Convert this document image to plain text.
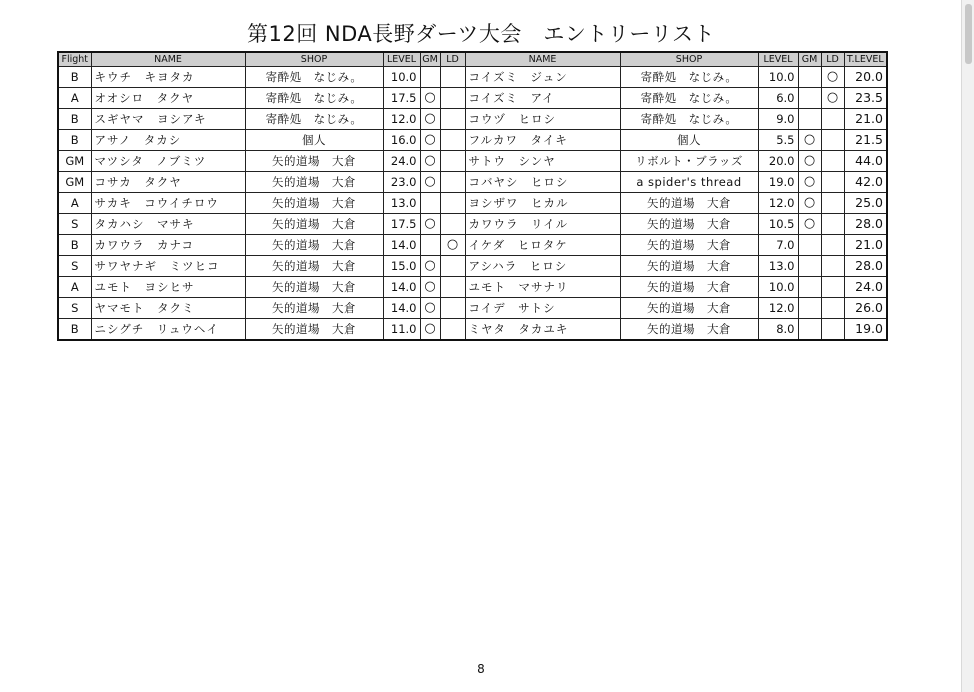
第12回 NDA長野ダーツ大会　エントリーリスト
Flight	NAME	SHOP	LEVEL	GM	LD	NAME	SHOP	LEVEL	GM	LD	T.LEVEL
B	キウチ　キヨタカ	寄酔処　なじみ。	10.0			コイズミ　ジュン	寄酔処　なじみ。	10.0		○	20.0
A	オオシロ　タクヤ	寄酔処　なじみ。	17.5	○		コイズミ　アイ	寄酔処　なじみ。	6.0		○	23.5
B	スギヤマ　ヨシアキ	寄酔処　なじみ。	12.0	○		コウヅ　ヒロシ	寄酔処　なじみ。	9.0			21.0
B	アサノ　タカシ	個人	16.0	○		フルカワ　タイキ	個人	5.5	○		21.5
GM	マツシタ　ノブミツ	矢的道場　大倉	24.0	○		サトウ　シンヤ	リボルト・ブラッズ	20.0	○		44.0
GM	コサカ　タクヤ	矢的道場　大倉	23.0	○		コバヤシ　ヒロシ	a spider's thread	19.0	○		42.0
A	サカキ　コウイチロウ	矢的道場　大倉	13.0			ヨシザワ　ヒカル	矢的道場　大倉	12.0	○		25.0
S	タカハシ　マサキ	矢的道場　大倉	17.5	○		カワウラ　リイル	矢的道場　大倉	10.5	○		28.0
B	カワウラ　カナコ	矢的道場　大倉	14.0		○	イケダ　ヒロタケ	矢的道場　大倉	7.0			21.0
S	サワヤナギ　ミツヒコ	矢的道場　大倉	15.0	○		アシハラ　ヒロシ	矢的道場　大倉	13.0			28.0
A	ユモト　ヨシヒサ	矢的道場　大倉	14.0	○		ユモト　マサナリ	矢的道場　大倉	10.0			24.0
S	ヤマモト　タクミ	矢的道場　大倉	14.0	○		コイデ　サトシ	矢的道場　大倉	12.0			26.0
B	ニシグチ　リュウヘイ	矢的道場　大倉	11.0	○		ミヤタ　タカユキ	矢的道場　大倉	8.0			19.0
8
